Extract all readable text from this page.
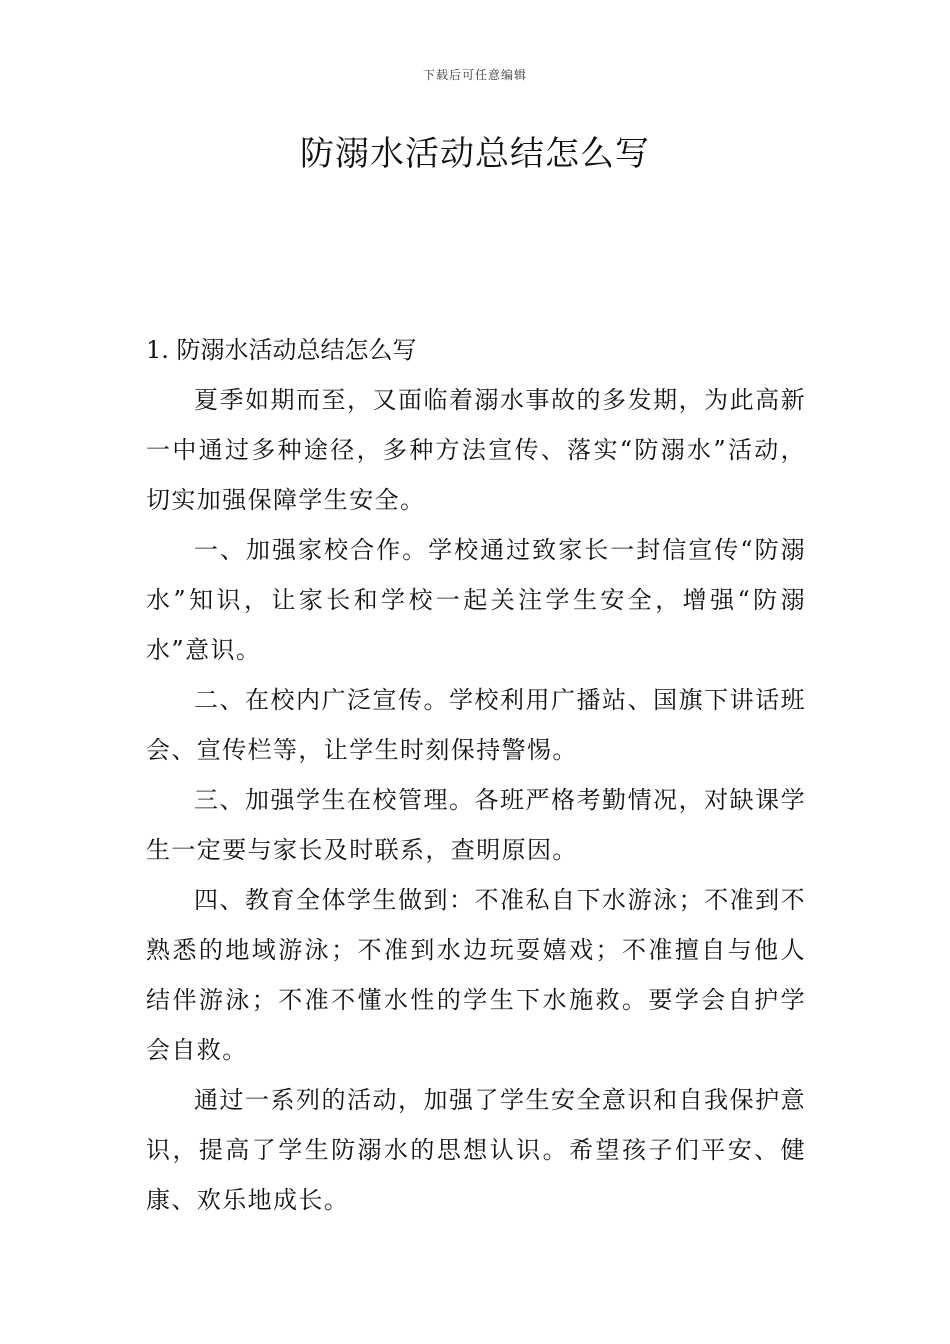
下载后可任意编辑
防溺水活动总结怎么写

1. 防溺水活动总结怎么写

夏季如期而至，又面临着溺水事故的多发期，为此高新一中通过多种途径，多种方法宣传、落实“防溺水”活动，切实加强保障学生安全。

一、加强家校合作。学校通过致家长一封信宣传“防溺水”知识，让家长和学校一起关注学生安全，增强“防溺水”意识。

二、在校内广泛宣传。学校利用广播站、国旗下讲话班会、宣传栏等，让学生时刻保持警惕。

三、加强学生在校管理。各班严格考勤情况，对缺课学生一定要与家长及时联系，查明原因。

四、教育全体学生做到：不准私自下水游泳；不准到不熟悉的地域游泳；不准到水边玩耍嬉戏；不准擅自与他人结伴游泳；不准不懂水性的学生下水施救。要学会自护学会自救。

通过一系列的活动，加强了学生安全意识和自我保护意识，提高了学生防溺水的思想认识。希望孩子们平安、健康、欢乐地成长。
